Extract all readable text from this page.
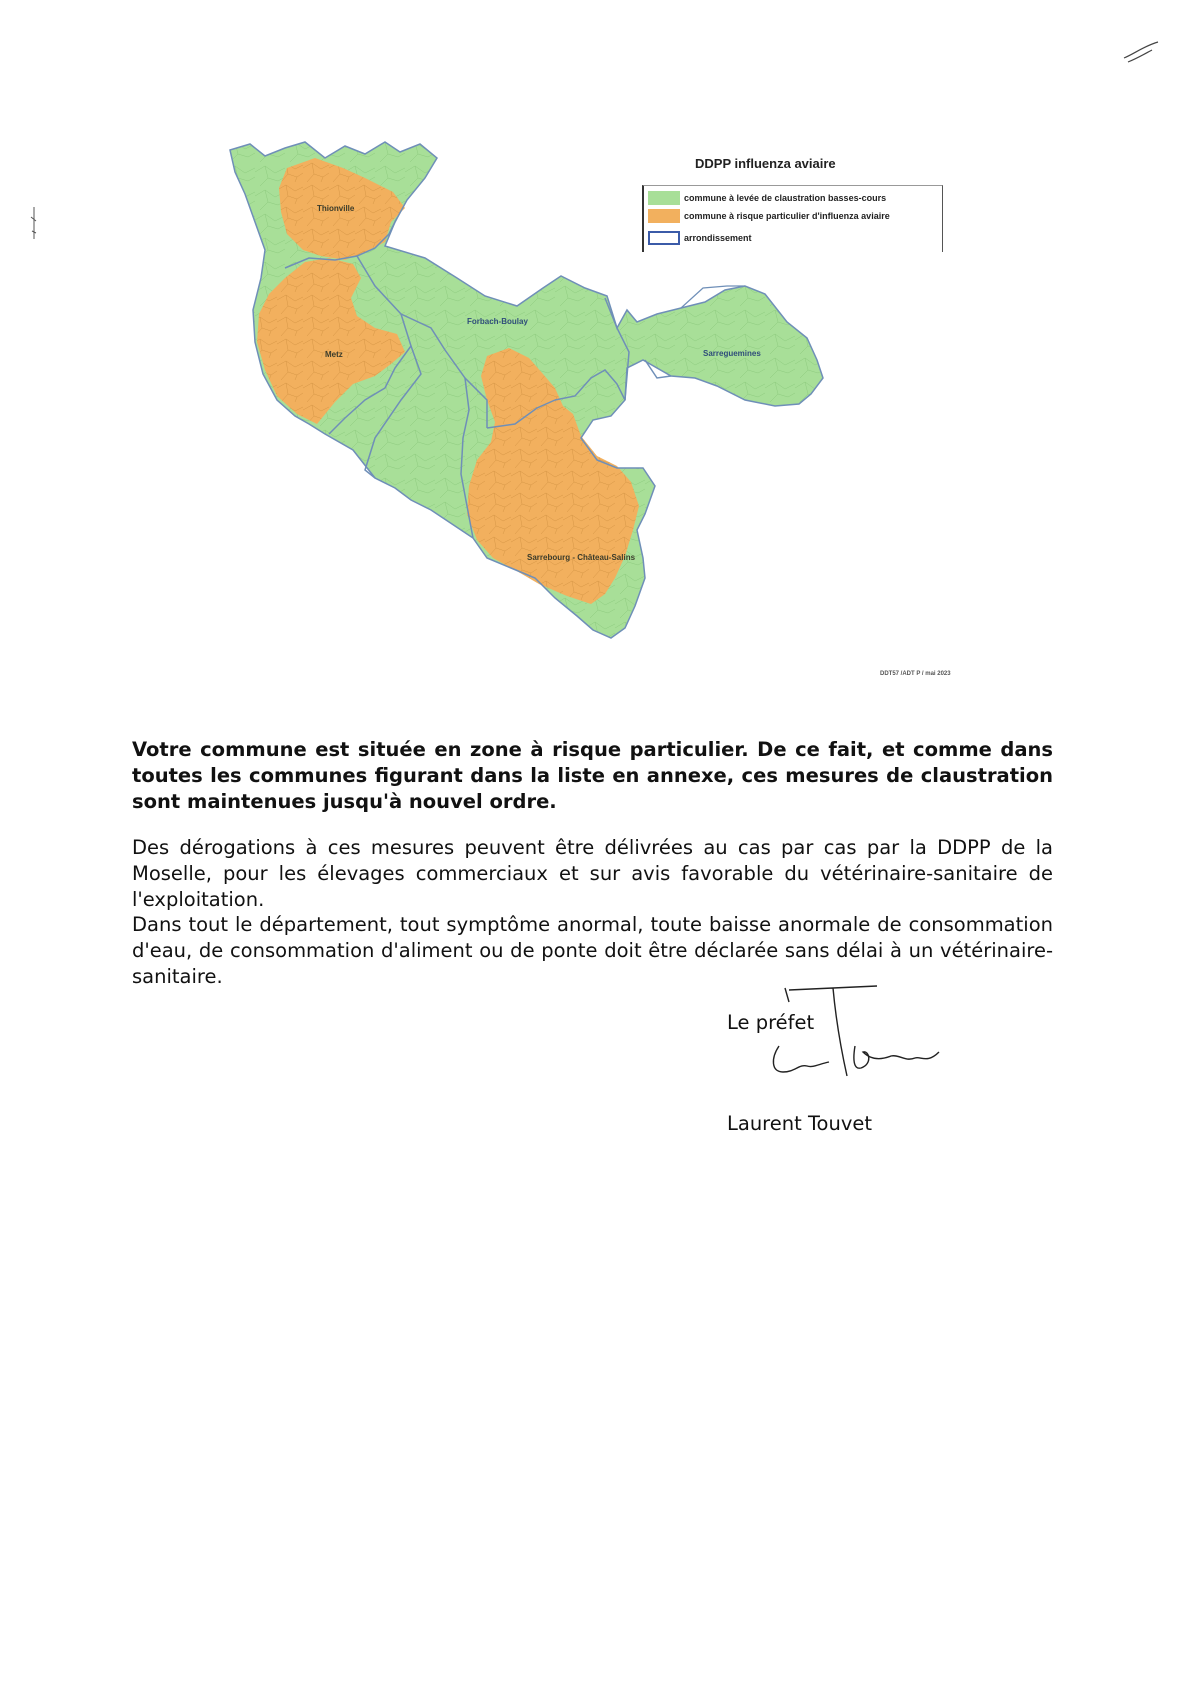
Thionville
Metz
Forbach-Boulay
Sarreguemines
Sarrebourg - Château-Salins
DDPP influenza aviaire
commune à levée de claustration basses-cours
commune à risque particulier d'influenza aviaire
arrondissement
DDT57 /ADT P / mai 2023

Votre commune est située en zone à risque particulier. De ce fait, et comme dans toutes les communes figurant dans la liste en annexe, ces mesures de claustration sont maintenues jusqu'à nouvel ordre.

Des dérogations à ces mesures peuvent être délivrées au cas par cas par la DDPP de la Moselle, pour les élevages commerciaux et sur avis favorable du vétérinaire-sanitaire de l'exploitation.

Dans tout le département, tout symptôme anormal, toute baisse anormale de consommation d'eau, de consommation d'aliment ou de ponte doit être déclarée sans délai à un vétérinaire-sanitaire.

Le préfet
Laurent Touvet
